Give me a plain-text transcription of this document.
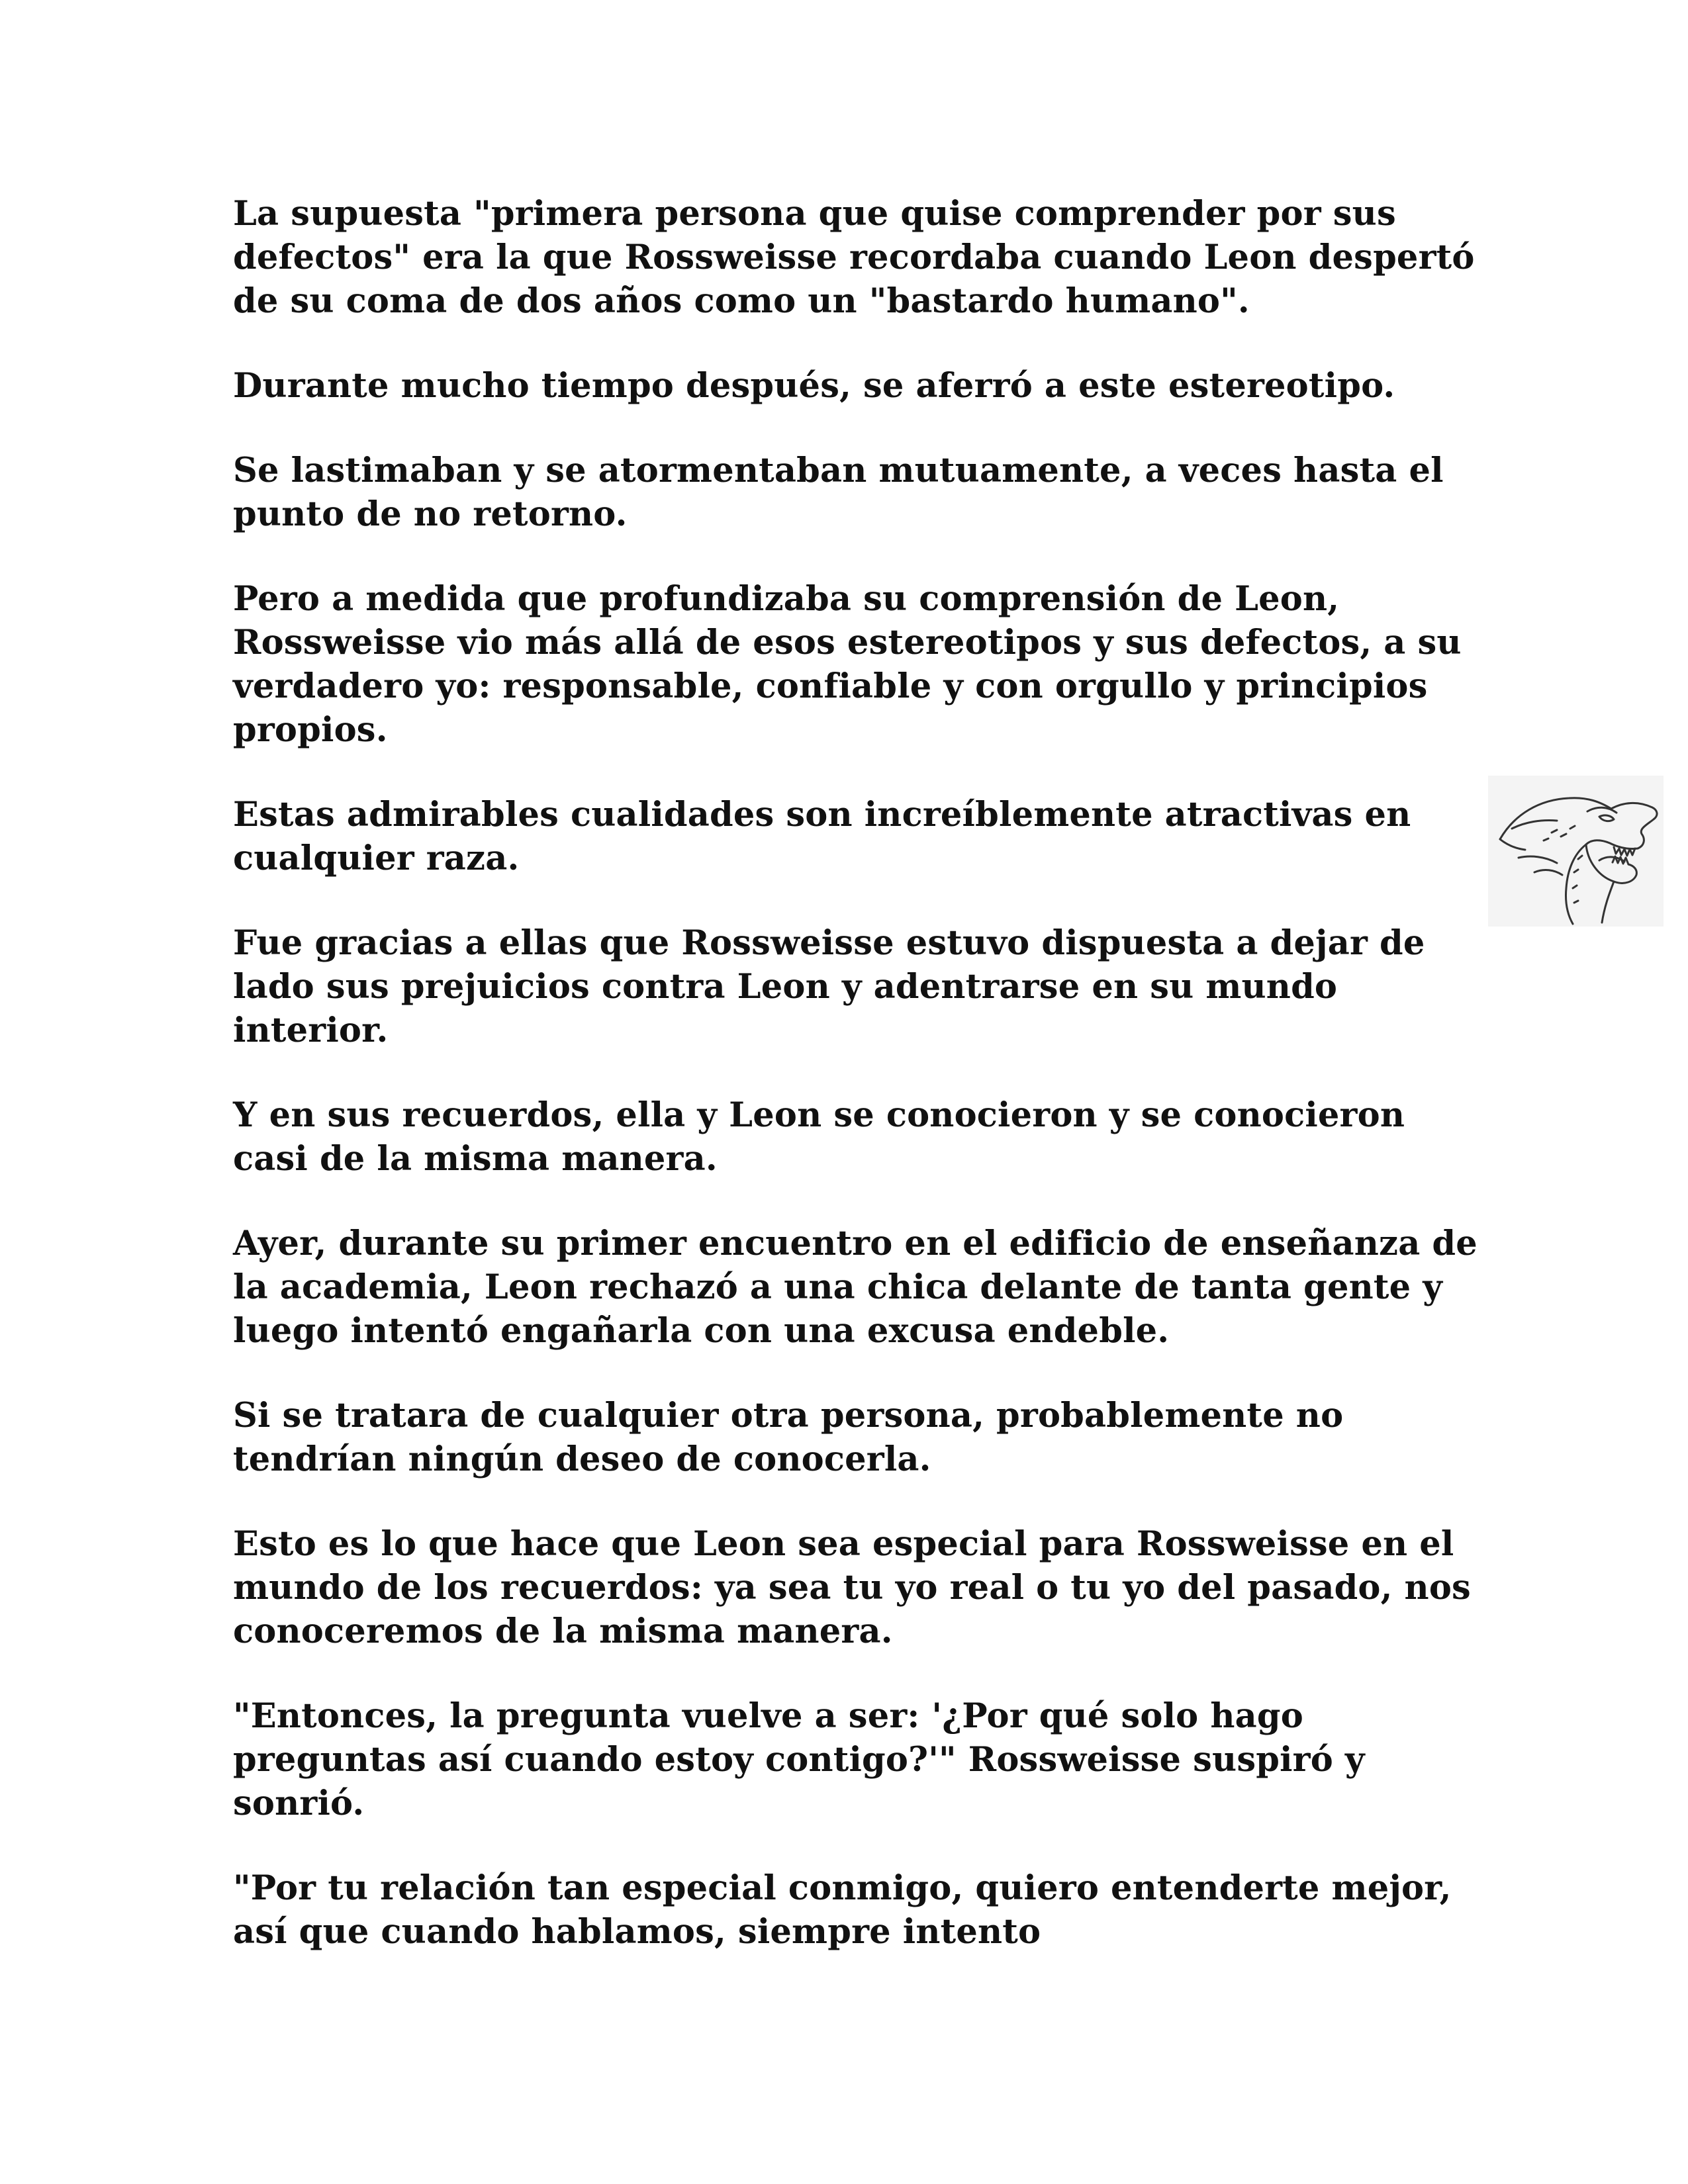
La supuesta "primera persona que quise comprender por sus defectos" era la que Rossweisse recordaba cuando Leon despertó de su coma de dos años como un "bastardo humano".

Durante mucho tiempo después, se aferró a este estereotipo.

Se lastimaban y se atormentaban mutuamente, a veces hasta el punto de no retorno.

Pero a medida que profundizaba su comprensión de Leon, Rossweisse vio más allá de esos estereotipos y sus defectos, a su verdadero yo: responsable, confiable y con orgullo y principios propios.

Estas admirables cualidades son increíblemente atractivas en cualquier raza.

Fue gracias a ellas que Rossweisse estuvo dispuesta a dejar de lado sus prejuicios contra Leon y adentrarse en su mundo interior.

Y en sus recuerdos, ella y Leon se conocieron y se conocieron casi de la misma manera.

Ayer, durante su primer encuentro en el edificio de enseñanza de la academia, Leon rechazó a una chica delante de tanta gente y luego intentó engañarla con una excusa endeble.

Si se tratara de cualquier otra persona, probablemente no tendrían ningún deseo de conocerla.

Esto es lo que hace que Leon sea especial para Rossweisse en el mundo de los recuerdos: ya sea tu yo real o tu yo del pasado, nos conoceremos de la misma manera.

"Entonces, la pregunta vuelve a ser: '¿Por qué solo hago preguntas así cuando estoy contigo?'" Rossweisse suspiró y sonrió.

"Por tu relación tan especial conmigo, quiero entenderte mejor, así que cuando hablamos, siempre intento
